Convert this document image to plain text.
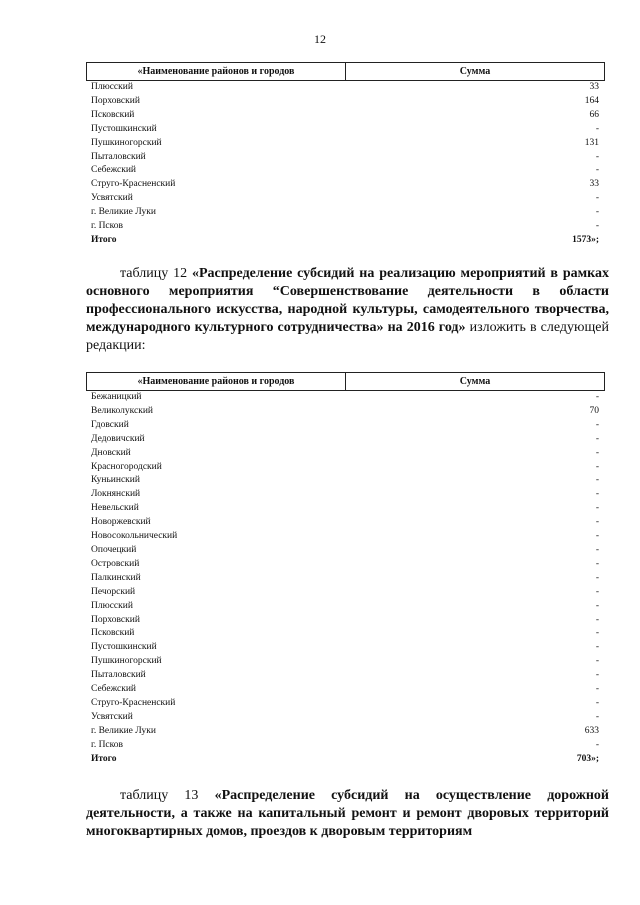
12
«Наименование районов и городов	Сумма
Плюсский	33
Порховский	164
Псковский	66
Пустошкинский	-
Пушкиногорский	131
Пыталовский	-
Себежский	-
Струго-Красненский	33
Усвятский	-
г. Великие Луки	-
г. Псков	-
Итого	1573»;

таблицу 12 «Распределение субсидий на реализацию мероприятий в рамках основного мероприятия “Совершенствование деятельности в области профессионального искусства, народной культуры, самодеятельного творчества, международного культурного сотрудничества» на 2016 год» изложить в следующей редакции:

«Наименование районов и городов	Сумма
Бежаницкий	-
Великолукский	70
Гдовский	-
Дедовичский	-
Дновский	-
Красногородский	-
Куньинский	-
Локнянский	-
Невельский	-
Новоржевский	-
Новосокольнический	-
Опочецкий	-
Островский	-
Палкинский	-
Печорский	-
Плюсский	-
Порховский	-
Псковский	-
Пустошкинский	-
Пушкиногорский	-
Пыталовский	-
Себежский	-
Струго-Красненский	-
Усвятский	-
г. Великие Луки	633
г. Псков	-
Итого	703»;

таблицу 13 «Распределение субсидий на осуществление дорожной деятельности, а также на капитальный ремонт и ремонт дворовых территорий многоквартирных домов, проездов к дворовым территориям
